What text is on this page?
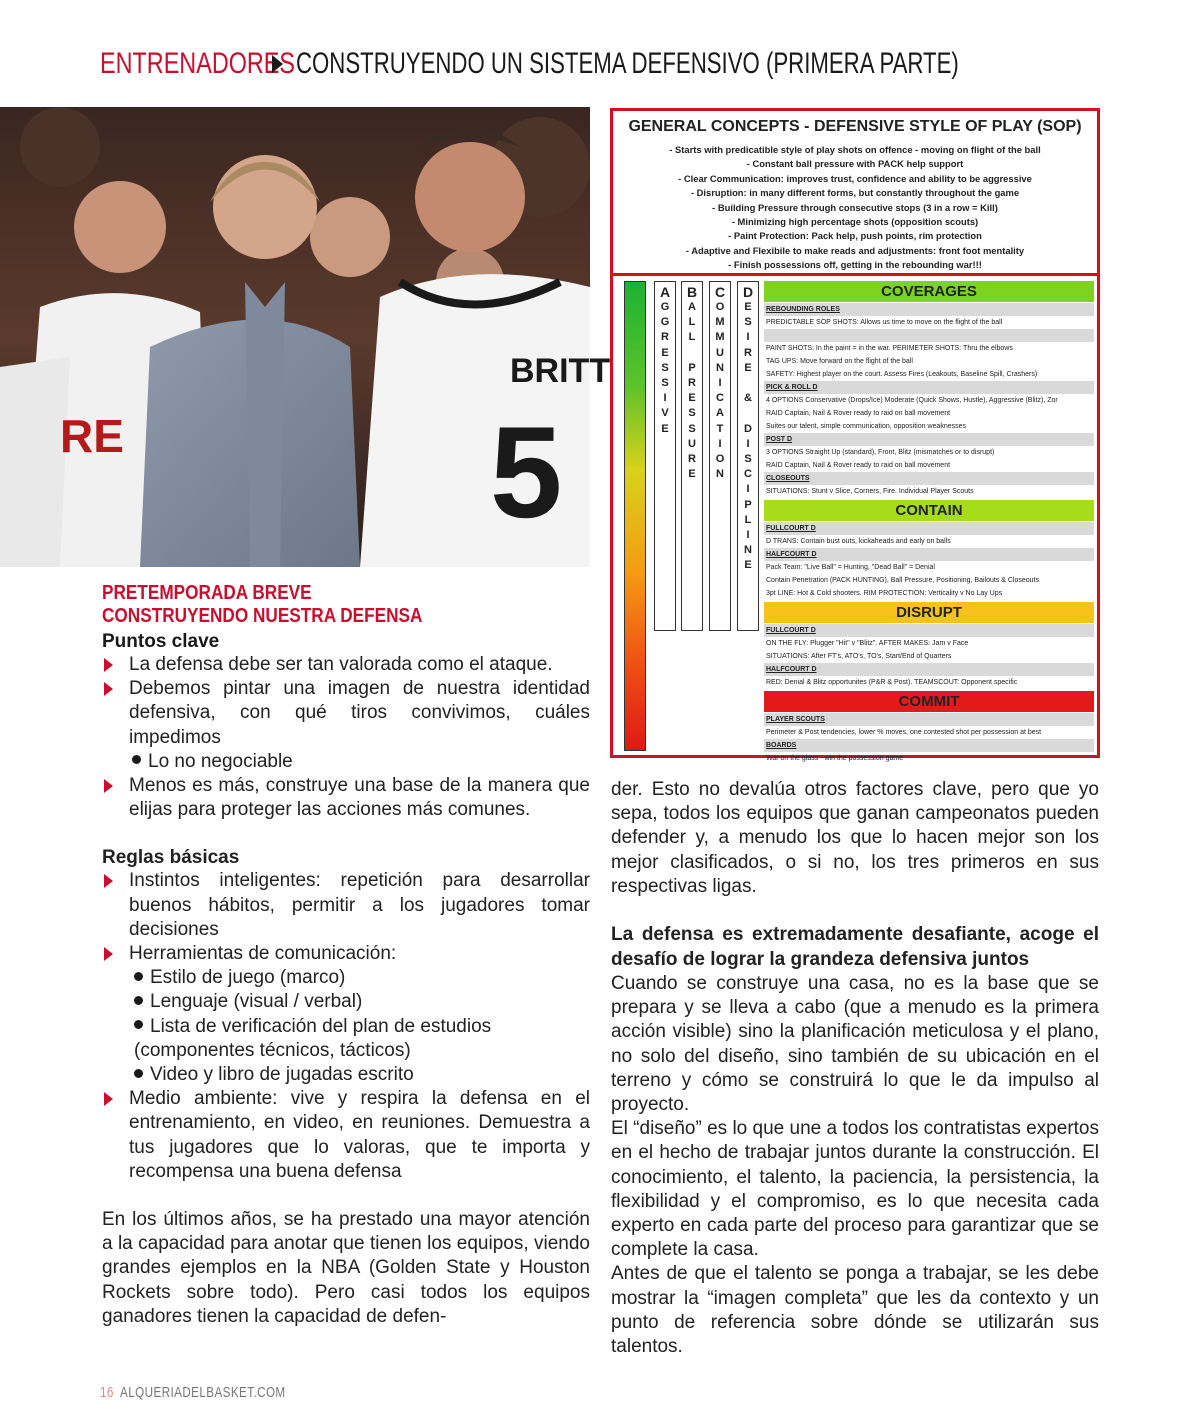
ENTRENADORES CONSTRUYENDO UN SISTEMA DEFENSIVO (PRIMERA PARTE)
RE
BRITT
5
GENERAL CONCEPTS - DEFENSIVE STYLE OF PLAY (SOP)
- Starts with predicatible style of play shots on offence - moving on flight of the ball
- Constant ball pressure with PACK help support
- Clear Communication: improves trust, confidence and ability to be aggressive
- Disruption: in many different forms, but constantly throughout the game
- Building Pressure through consecutive stops (3 in a row = Kill)
- Minimizing high percentage shots (opposition scouts)
- Paint Protection: Pack help, push points, rim protection
- Adaptive and Flexibile to make reads and adjustments: front foot mentality
- Finish possessions off, getting in the rebounding war!!!
A
G
G
R
E
S
S
I
V
E
B
A
L
L

P
R
E
S
S
U
R
E
C
O
M
M
U
N
I
C
A
T
I
O
N
D
E
S
I
R
E

&

D
I
S
C
I
P
L
I
N
E
COVERAGES
REBOUNDING ROLES
PREDICTABLE SOP SHOTS: Allows us time to move on the flight of the ball
PAINT SHOTS: In the paint = in the war. PERIMETER SHOTS: Thru the elbows
TAG UPS: Move forward on the flight of the ball
SAFETY: Highest player on the court. Assess Fires (Leakouts, Baseline Spill, Crashers)
PICK & ROLL D
4 OPTIONS Conservative (Drops/Ice) Moderate (Quick Shows, Hustle), Aggressive (Blitz), Zor
RAID Captain, Nail & Rover ready to raid on ball movement
Suites our talent, simple communication, opposition weaknesses
POST D
3 OPTIONS Straight Up (standard), Front, Blitz (mismatches or to disrupt)
RAID Captain, Nail & Rover ready to raid on ball movement
CLOSEOUTS
SITUATIONS: Stunt v Slice, Corners, Fire. Individual Player Scouts
CONTAIN
FULLCOURT D
D TRANS: Contain bust outs, kickaheads and early on balls
HALFCOURT D
Pack Team: "Live Ball" = Hunting, "Dead Ball" = Denial
Contain Penetration (PACK HUNTING), Ball Pressure, Positioning, Bailouts & Closeouts
3pt LINE: Hot & Cold shooters. RIM PROTECTION: Verticality v No Lay Ups
DISRUPT
FULLCOURT D
ON THE FLY: Plugger "Hit" v "Blitz". AFTER MAKES: Jam v Face
SITUATIONS: After FT's, ATO's, TO's, Start/End of Quarters
HALFCOURT D
RED: Denial & Blitz opportunites (P&R & Post). TEAMSCOUT: Opponent specific
COMMIT
PLAYER SCOUTS
Perimeter & Post tendencies, lower % moves, one contested shot per possession at best
BOARDS
War on the glass - win the possession game
PRETEMPORADA BREVE
CONSTRUYENDO NUESTRA DEFENSA
Puntos clave
La defensa debe ser tan valorada como el ataque.
Debemos pintar una imagen de nuestra identidad defensiva, con qué tiros convivimos, cuáles impedimos
Lo no negociable
Menos es más, construye una base de la manera que elijas para proteger las acciones más comunes.
Reglas básicas
Instintos inteligentes: repetición para desarrollar buenos hábitos, permitir a los jugadores tomar decisiones
Herramientas de comunicación:
Estilo de juego (marco)
Lenguaje (visual / verbal)
Lista de verificación del plan de estudios (componentes técnicos, tácticos)
Video y libro de jugadas escrito
Medio ambiente: vive y respira la defensa en el entrenamiento, en video, en reuniones. Demuestra a tus jugadores que lo valoras, que te importa y recompensa una buena defensa
En los últimos años, se ha prestado una mayor atención a la capacidad para anotar que tienen los equipos, viendo grandes ejemplos en la NBA (Golden State y Houston Rockets sobre todo). Pero casi todos los equipos ganadores tienen la capacidad de defen-
der. Esto no devalúa otros factores clave, pero que yo sepa, todos los equipos que ganan campeonatos pueden defender y, a menudo los que lo hacen mejor son los mejor clasificados, o si no, los tres primeros en sus respectivas ligas.
La defensa es extremadamente desafiante, acoge el desafío de lograr la grandeza defensiva juntos
Cuando se construye una casa, no es la base que se prepara y se lleva a cabo (que a menudo es la primera acción visible) sino la planificación meticulosa y el plano, no solo del diseño, sino también de su ubicación en el terreno y cómo se construirá lo que le da impulso al proyecto.
El “diseño” es lo que une a todos los contratistas expertos en el hecho de trabajar juntos durante la construcción. El conocimiento, el talento, la paciencia, la persistencia, la flexibilidad y el compromiso, es lo que necesita cada experto en cada parte del proceso para garantizar que se complete la casa.
Antes de que el talento se ponga a trabajar, se les debe mostrar la “imagen completa” que les da contexto y un punto de referencia sobre dónde se utilizarán sus talentos.
16 ALQUERIADELBASKET.COM
